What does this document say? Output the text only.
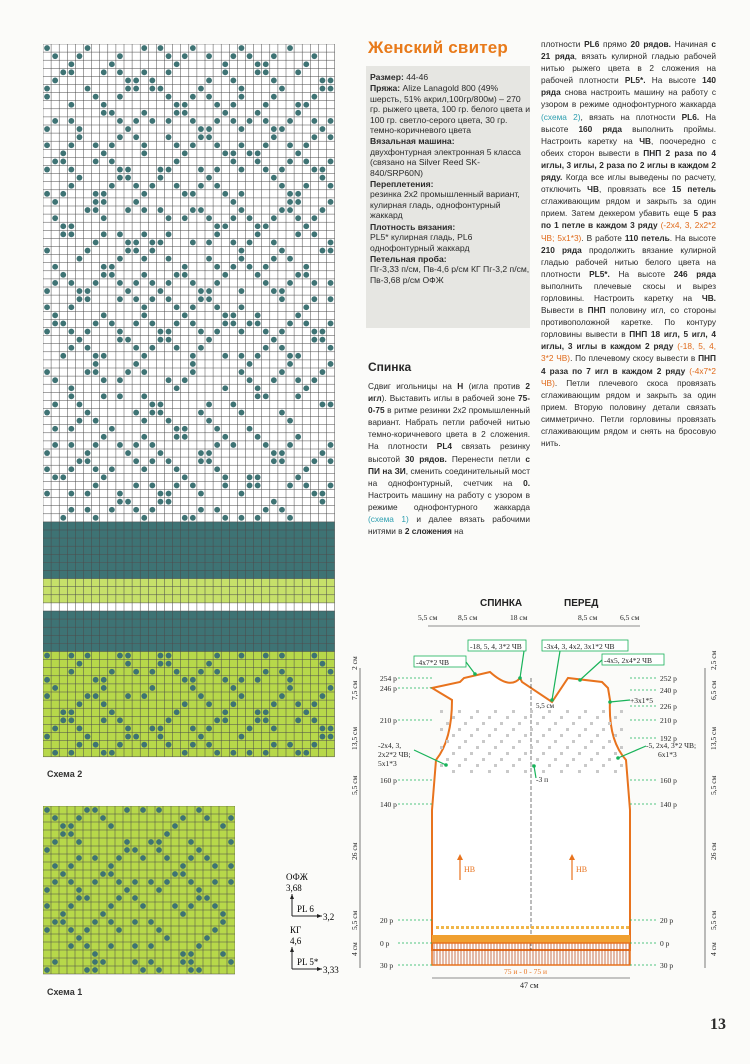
Схема 2
Схема 1
ОФЖ
3,68
PL 6
3,2
КГ
4,6
PL 5*
3,33
Женский свитер
Размер: 44-46
Пряжа: Alize Lanagold 800 (49% шерсть, 51% акрил,100гр/800м) – 270 гр. рыжего цвета, 100 гр. белого цвета и 100 гр. светло-серого цвета, 30 гр. темно-коричневого цвета
Вязальная машина:
двухфонтурная электронная 5 класса (связано на Silver Reed SK-840/SRP60N)
Переплетения:
резинка 2х2 промышленный вариант, кулирная гладь, однофонтурный жаккард
Плотность вязания:
PL5* кулирная гладь, PL6 однофонтурный жаккард
Петельная проба:
Пг-3,33 п/см, Пв-4,6 р/см КГ Пг-3,2 п/см, Пв-3,68 р/см ОФЖ
Спинка

Сдвиг игольницы на Н (игла против 2 игл). Выставить иглы в рабочей зоне 75-0-75 в ритме резинки 2х2 промышленный вариант. Набрать петли рабочей нитью темно-коричневого цвета в 2 сложения. На плотности PL4 связать резинку высотой 30 рядов. Перенести петли с ПИ на ЗИ, сменить соединительный мост на однофонтурный, счетчик на 0. Настроить машину на работу с узором в режиме однофонтурного жаккарда (схема 1) и далее вязать рабочими нитями в 2 сложения на

плотности PL6 прямо 20 рядов. Начиная с 21 ряда, вязать кулирной гладью рабочей нитью рыжего цвета в 2 сложения на рабочей плотности PL5*. На высоте 140 ряда снова настроить машину на работу с узором в режиме однофонтурного жаккарда (схема 2), вязать на плотности PL6. На высоте 160 ряда выполнить проймы. Настроить каретку на ЧВ, поочередно с обеих сторон вывести в ПНП 2 раза по 4 иглы, 3 иглы, 2 раза по 2 иглы в каждом 2 ряду. Когда все иглы выведены по расчету, отключить ЧВ, провязать все 15 петель сглаживающим рядом и закрыть за один прием. Затем деккером убавить еще 5 раз по 1 петле в каждом 3 ряду (-2х4, 3, 2х2*2 ЧВ; 5х1*3). В работе 110 петель. На высоте 210 ряда продолжить вязание кулирной гладью рабочей нитью белого цвета на плотности PL5*. На высоте 246 ряда выполнить плечевые скосы и вырез горловины. Настроить каретку на ЧВ. Вывести в ПНП половину игл, со стороны противоположной каретке. По контуру горловины вывести в ПНП 18 игл, 5 игл, 4 иглы, 3 иглы в каждом 2 ряду (-18, 5, 4, 3*2 ЧВ). По плечевому скосу вывести в ПНП 4 раза по 7 игл в каждом 2 ряду (-4х7*2 ЧВ). Петли плечевого скоса провязать сглаживающим рядом и закрыть за один прием. Вторую половину детали связать симметрично. Петли горловины провязать сглаживающим рядом и снять на бросовую нить.

СПИНКА	ПЕРЕД
5,5 см	8,5 см	18 см	8,5 см	6,5 см
254 р
246 р
210 р
160 р
140 р
20 р
0 р
30 р
252 р
240 р
226 р
210 р
192 р
160 р
140 р
20 р
0 р
30 р
2 см
7,5 см
13,5 см
5,5 см
26 см
5,5 см
4 см
2,5 см
6,5 см
13,5 см
5,5 см
26 см
5,5 см
4 см
-18, 5, 4, 3*2 ЧВ	-3х4, 3, 4х2, 3х1*2 ЧВ
-4х7*2 ЧВ	-4х5, 2х4*2 ЧВ
+3х1*5
-2х4, 3,
2х2*2 ЧВ;
5х1*3
-5, 2х4, 3*2 ЧВ;
6х1*3
-3 п
5,5 см
НВ	НВ
75 и - 0 - 75 и
47 см
13
